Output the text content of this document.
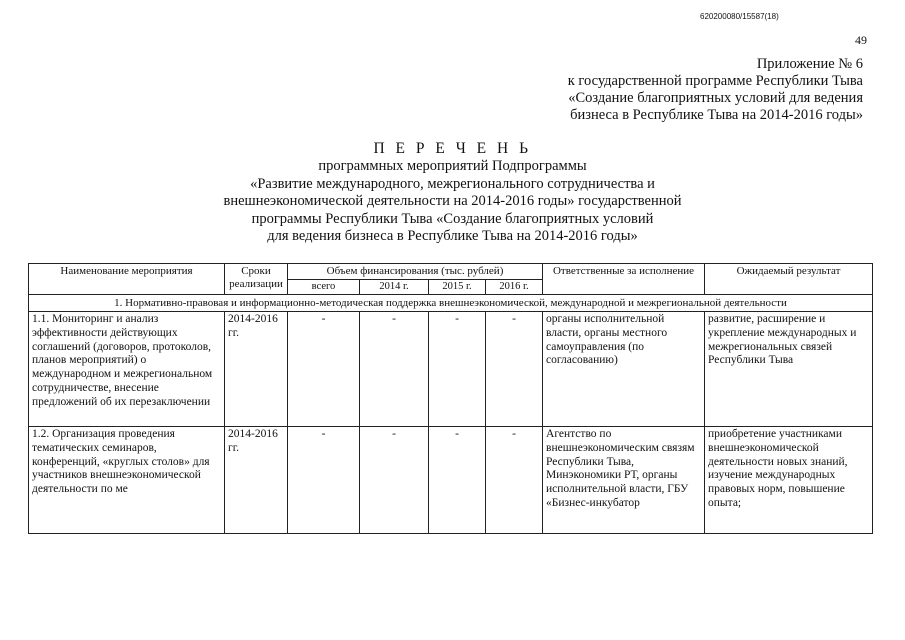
620200080/15587(18)
49
Приложение № 6
к государственной программе Республики Тыва
«Создание благоприятных условий для ведения
бизнеса в Республике Тыва на 2014-2016 годы»
П Е Р Е Ч Е Н Ь
программных мероприятий Подпрограммы
«Развитие международного, межрегионального сотрудничества и
внешнеэкономической деятельности на 2014-2016 годы» государственной
программы Республики Тыва «Создание благоприятных условий
для ведения бизнеса в Республике Тыва на 2014-2016 годы»
Наименование мероприятия	Сроки реализации	Объем финансирования (тыс. рублей)				Ответственные за исполнение	Ожидаемый результат
		всего	2014 г.	2015 г.	2016 г.		
1. Нормативно-правовая и информационно-методическая поддержка внешнеэкономической, международной и межрегиональной деятельности							
1.1. Мониторинг и анализ эффективности действующих соглашений (договоров, протоколов, планов мероприятий) о международном и межрегиональном сотрудничестве, внесение предложений об их перезаключении	2014-2016 гг.	-	-	-	-	органы исполнительной власти, органы местного самоуправления (по согласованию)	развитие, расширение и укрепление международных и межрегиональных связей Республики Тыва
1.2. Организация проведения тематических семинаров, конференций, «круглых столов» для участников внешнеэкономической деятельности по ме	2014-2016 гг.	-	-	-	-	Агентство по внешнеэкономическим связям Республики Тыва, Минэкономики РТ, органы исполнительной власти, ГБУ «Бизнес-инкубатор	приобретение участниками внешнеэкономической деятельности новых знаний, изучение международных правовых норм, повышение опыта;
